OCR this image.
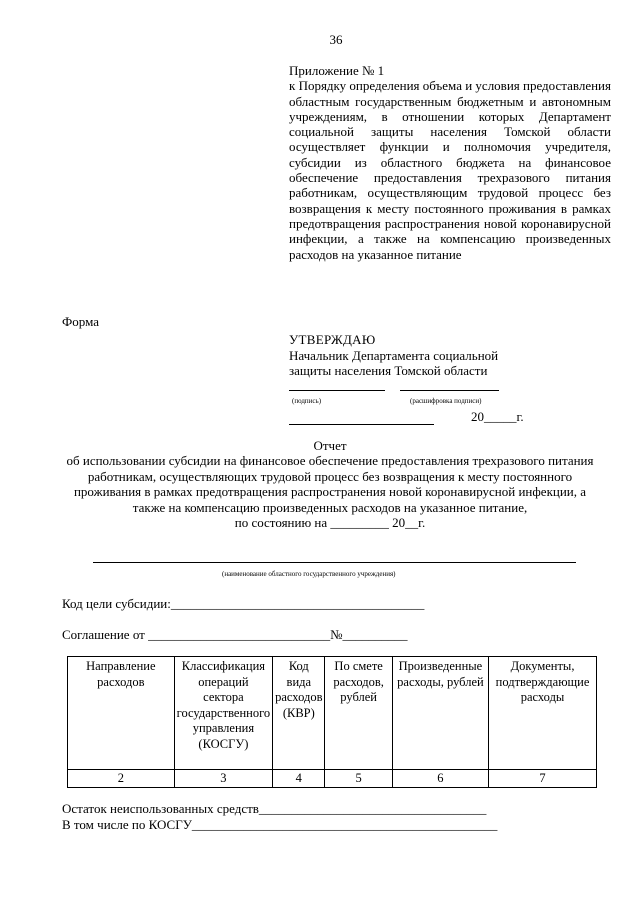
36
Приложение № 1
к Порядку определения объема и условия предоставления областным государственным бюджетным и автономным учреждениям, в отношении которых Департамент социальной защиты населения Томской области осуществляет функции и полномочия учредителя, субсидии из областного бюджета на финансовое обеспечение предоставления трехразового питания работникам, осуществляющим трудовой процесс без возвращения к месту постоянного проживания в рамках предотвращения распространения новой коронавирусной инфекции, а также на компенсацию произведенных расходов на указанное питание
Форма
УТВЕРЖДАЮ
Начальник Департамента социальной
защиты населения Томской области
(подпись)	(расшифровка подписи)
20_____г.
Отчет
об использовании субсидии на финансовое обеспечение предоставления трехразового питания работникам, осуществляющих трудовой процесс без возвращения к месту постоянного проживания в рамках предотвращения распространения новой коронавирусной инфекции, а также на компенсацию произведенных расходов на указанное питание,
по состоянию на _________ 20__г.
(наименование областного государственного учреждения)
Код цели субсидии:_______________________________________
Соглашение от ____________________________№__________
Направление расходов	Классификация операций сектора государственного управления (КОСГУ)	Код вида расходов (КВР)	По смете расходов, рублей	Произведенные расходы, рублей	Документы, подтверждающие расходы
2	3	4	5	6	7
Остаток неиспользованных средств___________________________________
В том числе по КОСГУ_______________________________________________
